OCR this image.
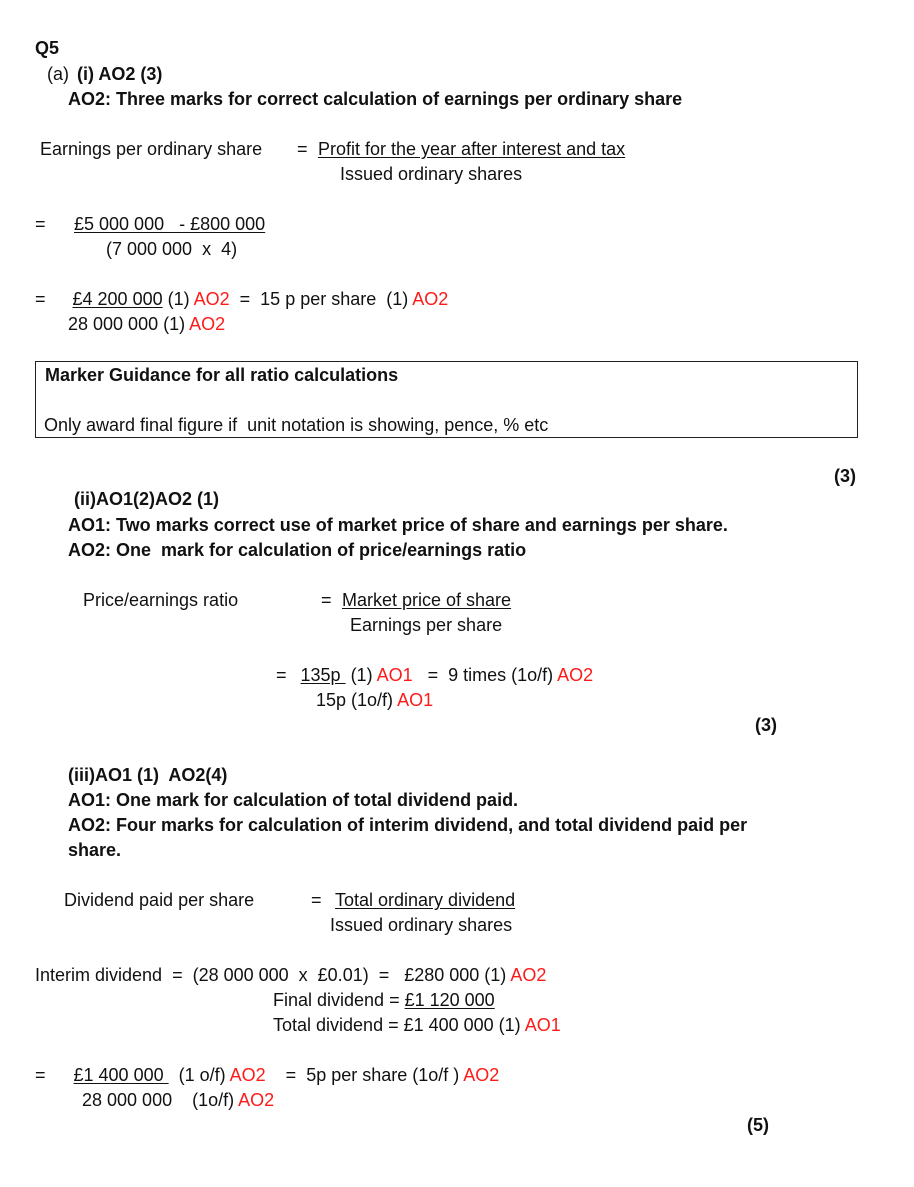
Q5
(a) (i) AO2 (3)
AO2: Three marks for correct calculation of earnings per ordinary share
Earnings per ordinary share = Profit for the year after interest and tax
Issued ordinary shares
= £5 000 000   - £800 000
(7 000 000  x  4)
= £4 200 000 (1) AO2  =  15 p per share  (1) AO2
28 000 000 (1) AO2
Marker Guidance for all ratio calculations
Only award final figure if  unit notation is showing, pence, % etc
(3)
(ii)AO1(2)AO2 (1)
AO1: Two marks correct use of market price of share and earnings per share.
AO2: One  mark for calculation of price/earnings ratio
Price/earnings ratio	= Market price of share
Earnings per share
= 135p  (1) AO1   =  9 times (1o/f) AO2
15p (1o/f) AO1
(3)
(iii)AO1 (1)  AO2(4)
AO1: One mark for calculation of total dividend paid.
AO2: Four marks for calculation of interim dividend, and total dividend paid per
share.
Dividend paid per share	= Total ordinary dividend
Issued ordinary shares
Interim dividend  =  (28 000 000  x  £0.01)  =   £280 000 (1) AO2
Final dividend = £1 120 000
Total dividend = £1 400 000 (1) AO1
= £1 400 000   (1 o/f) AO2    =  5p per share (1o/f ) AO2
28 000 000    (1o/f) AO2
(5)
